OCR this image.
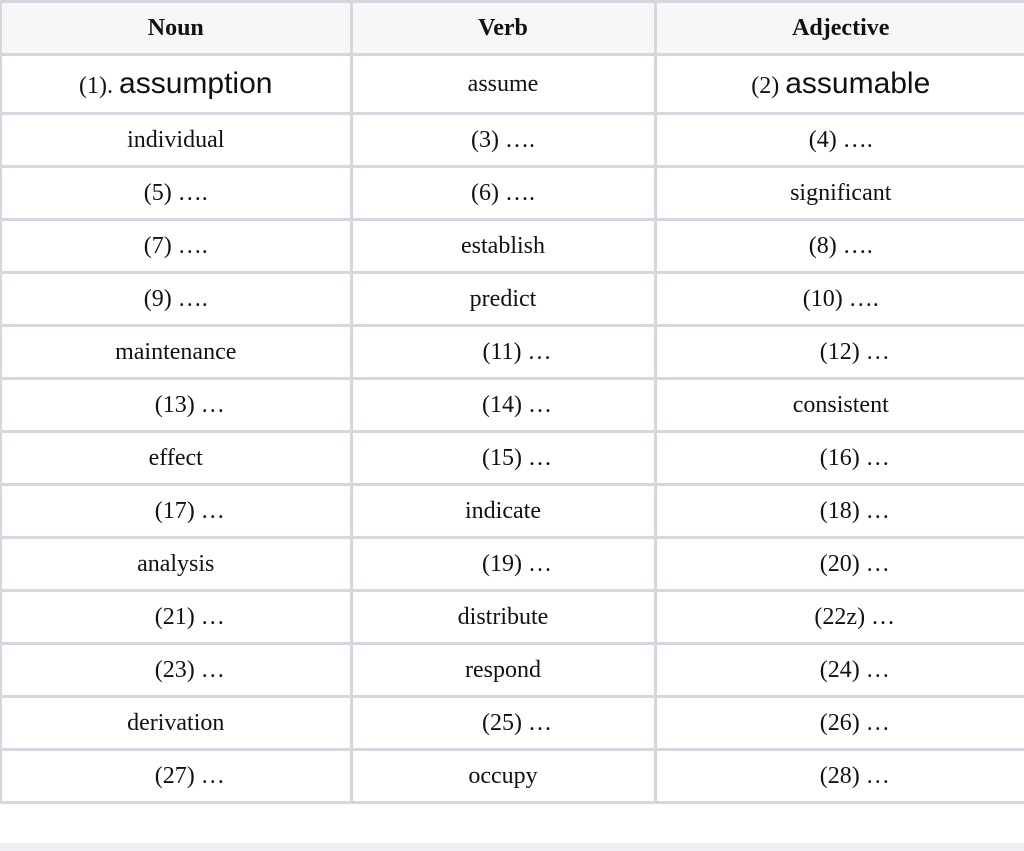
Noun	Verb	Adjective
(1). assumption	assume	(2) assumable
individual	(3) ….	(4) ….
(5) ….	(6) ….	significant
(7) ….	establish	(8) ….
(9) ….	predict	(10) ….
maintenance	(11) …	(12) …
(13) …	(14) …	consistent
effect	(15) …	(16) …
(17) …	indicate	(18) …
analysis	(19) …	(20) …
(21) …	distribute	(22z) …
(23) …	respond	(24) …
derivation	(25) …	(26) …
(27) …	occupy	(28) …
